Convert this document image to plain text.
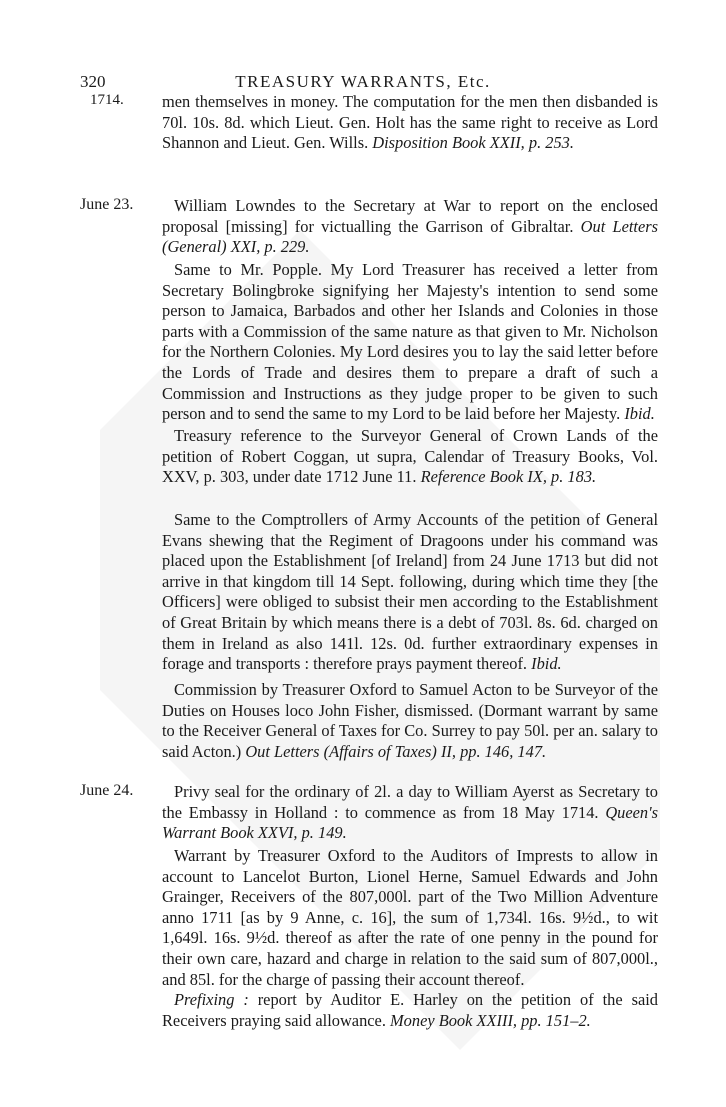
320	TREASURY WARRANTS, Etc.
1714. men themselves in money. The computation for the men then disbanded is 70l. 10s. 8d. which Lieut. Gen. Holt has the same right to receive as Lord Shannon and Lieut. Gen. Wills. Disposition Book XXII, p. 253.

June 23.	William Lowndes to the Secretary at War to report on the enclosed proposal [missing] for victualling the Garrison of Gibraltar. Out Letters (General) XXI, p. 229.

Same to Mr. Popple. My Lord Treasurer has received a letter from Secretary Bolingbroke signifying her Majesty's intention to send some person to Jamaica, Barbados and other her Islands and Colonies in those parts with a Commission of the same nature as that given to Mr. Nicholson for the Northern Colonies. My Lord desires you to lay the said letter before the Lords of Trade and desires them to prepare a draft of such a Commission and Instructions as they judge proper to be given to such person and to send the same to my Lord to be laid before her Majesty. Ibid.

Treasury reference to the Surveyor General of Crown Lands of the petition of Robert Coggan, ut supra, Calendar of Treasury Books, Vol. XXV, p. 303, under date 1712 June 11. Reference Book IX, p. 183.

Same to the Comptrollers of Army Accounts of the petition of General Evans shewing that the Regiment of Dragoons under his command was placed upon the Establishment [of Ireland] from 24 June 1713 but did not arrive in that kingdom till 14 Sept. following, during which time they [the Officers] were obliged to subsist their men according to the Establishment of Great Britain by which means there is a debt of 703l. 8s. 6d. charged on them in Ireland as also 141l. 12s. 0d. further extraordinary expenses in forage and transports : therefore prays payment thereof. Ibid.

Commission by Treasurer Oxford to Samuel Acton to be Surveyor of the Duties on Houses loco John Fisher, dismissed. (Dormant warrant by same to the Receiver General of Taxes for Co. Surrey to pay 50l. per an. salary to said Acton.) Out Letters (Affairs of Taxes) II, pp. 146, 147.

June 24.	Privy seal for the ordinary of 2l. a day to William Ayerst as Secretary to the Embassy in Holland : to commence as from 18 May 1714. Queen's Warrant Book XXVI, p. 149.

Warrant by Treasurer Oxford to the Auditors of Imprests to allow in account to Lancelot Burton, Lionel Herne, Samuel Edwards and John Grainger, Receivers of the 807,000l. part of the Two Million Adventure anno 1711 [as by 9 Anne, c. 16], the sum of 1,734l. 16s. 9½d., to wit 1,649l. 16s. 9½d. thereof as after the rate of one penny in the pound for their own care, hazard and charge in relation to the said sum of 807,000l., and 85l. for the charge of passing their account thereof.

Prefixing : report by Auditor E. Harley on the petition of the said Receivers praying said allowance. Money Book XXIII, pp. 151–2.
